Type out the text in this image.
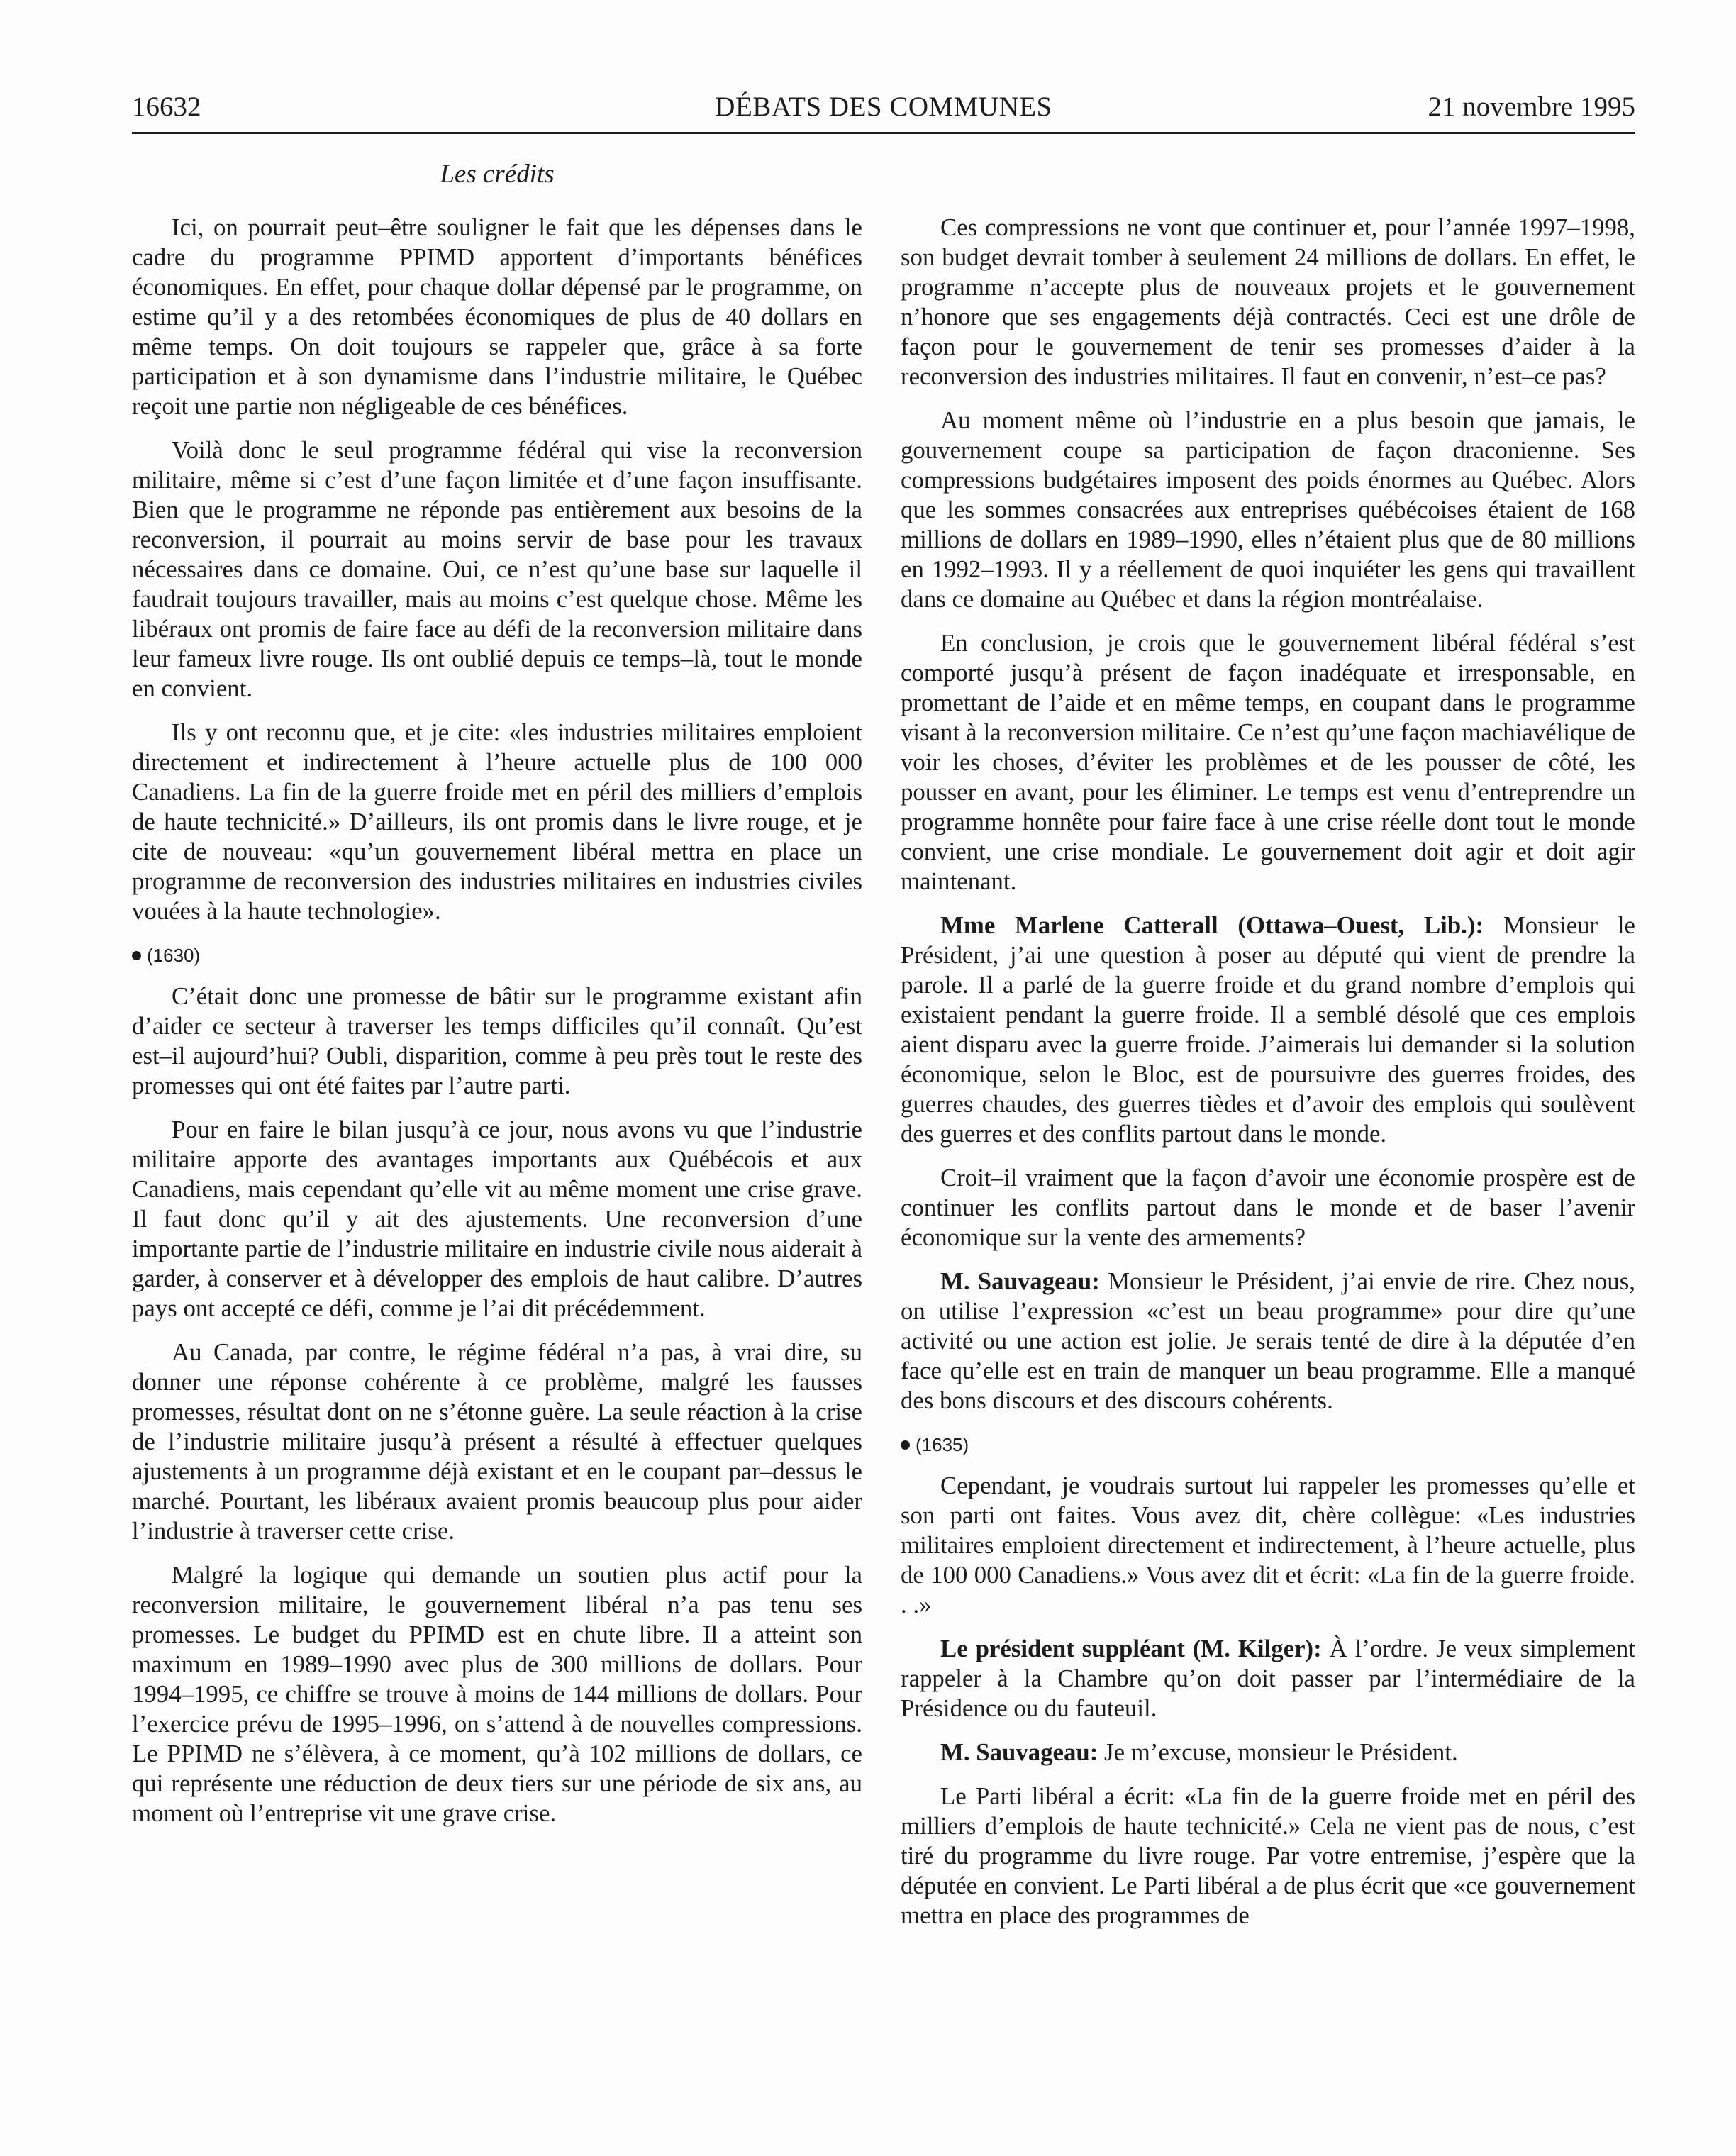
16632	DÉBATS DES COMMUNES	21 novembre 1995
Les crédits

Ici, on pourrait peut–être souligner le fait que les dépenses dans le cadre du programme PPIMD apportent d’importants bénéfices économiques. En effet, pour chaque dollar dépensé par le programme, on estime qu’il y a des retombées économiques de plus de 40 dollars en même temps. On doit toujours se rappeler que, grâce à sa forte participation et à son dynamisme dans l’industrie militaire, le Québec reçoit une partie non négligeable de ces bénéfices.

Voilà donc le seul programme fédéral qui vise la reconversion militaire, même si c’est d’une façon limitée et d’une façon insuffisante. Bien que le programme ne réponde pas entièrement aux besoins de la reconversion, il pourrait au moins servir de base pour les travaux nécessaires dans ce domaine. Oui, ce n’est qu’une base sur laquelle il faudrait toujours travailler, mais au moins c’est quelque chose. Même les libéraux ont promis de faire face au défi de la reconversion militaire dans leur fameux livre rouge. Ils ont oublié depuis ce temps–là, tout le monde en convient.

Ils y ont reconnu que, et je cite: «les industries militaires emploient directement et indirectement à l’heure actuelle plus de 100 000 Canadiens. La fin de la guerre froide met en péril des milliers d’emplois de haute technicité.» D’ailleurs, ils ont promis dans le livre rouge, et je cite de nouveau: «qu’un gouvernement libéral mettra en place un programme de reconversion des industries militaires en industries civiles vouées à la haute technologie».

(1630)

C’était donc une promesse de bâtir sur le programme existant afin d’aider ce secteur à traverser les temps difficiles qu’il connaît. Qu’est est–il aujourd’hui? Oubli, disparition, comme à peu près tout le reste des promesses qui ont été faites par l’autre parti.

Pour en faire le bilan jusqu’à ce jour, nous avons vu que l’industrie militaire apporte des avantages importants aux Québécois et aux Canadiens, mais cependant qu’elle vit au même moment une crise grave. Il faut donc qu’il y ait des ajustements. Une reconversion d’une importante partie de l’industrie militaire en industrie civile nous aiderait à garder, à conserver et à développer des emplois de haut calibre. D’autres pays ont accepté ce défi, comme je l’ai dit précédemment.

Au Canada, par contre, le régime fédéral n’a pas, à vrai dire, su donner une réponse cohérente à ce problème, malgré les fausses promesses, résultat dont on ne s’étonne guère. La seule réaction à la crise de l’industrie militaire jusqu’à présent a résulté à effectuer quelques ajustements à un programme déjà existant et en le coupant par–dessus le marché. Pourtant, les libéraux avaient promis beaucoup plus pour aider l’industrie à traverser cette crise.

Malgré la logique qui demande un soutien plus actif pour la reconversion militaire, le gouvernement libéral n’a pas tenu ses promesses. Le budget du PPIMD est en chute libre. Il a atteint son maximum en 1989–1990 avec plus de 300 millions de dollars. Pour 1994–1995, ce chiffre se trouve à moins de 144 millions de dollars. Pour l’exercice prévu de 1995–1996, on s’attend à de nouvelles compressions. Le PPIMD ne s’élèvera, à ce moment, qu’à 102 millions de dollars, ce qui représente une réduction de deux tiers sur une période de six ans, au moment où l’entreprise vit une grave crise.

Ces compressions ne vont que continuer et, pour l’année 1997–1998, son budget devrait tomber à seulement 24 millions de dollars. En effet, le programme n’accepte plus de nouveaux projets et le gouvernement n’honore que ses engagements déjà contractés. Ceci est une drôle de façon pour le gouvernement de tenir ses promesses d’aider à la reconversion des industries militaires. Il faut en convenir, n’est–ce pas?

Au moment même où l’industrie en a plus besoin que jamais, le gouvernement coupe sa participation de façon draconienne. Ses compressions budgétaires imposent des poids énormes au Québec. Alors que les sommes consacrées aux entreprises québécoises étaient de 168 millions de dollars en 1989–1990, elles n’étaient plus que de 80 millions en 1992–1993. Il y a réellement de quoi inquiéter les gens qui travaillent dans ce domaine au Québec et dans la région montréalaise.

En conclusion, je crois que le gouvernement libéral fédéral s’est comporté jusqu’à présent de façon inadéquate et irresponsable, en promettant de l’aide et en même temps, en coupant dans le programme visant à la reconversion militaire. Ce n’est qu’une façon machiavélique de voir les choses, d’éviter les problèmes et de les pousser de côté, les pousser en avant, pour les éliminer. Le temps est venu d’entreprendre un programme honnête pour faire face à une crise réelle dont tout le monde convient, une crise mondiale. Le gouvernement doit agir et doit agir maintenant.

Mme Marlene Catterall (Ottawa–Ouest, Lib.): Monsieur le Président, j’ai une question à poser au député qui vient de prendre la parole. Il a parlé de la guerre froide et du grand nombre d’emplois qui existaient pendant la guerre froide. Il a semblé désolé que ces emplois aient disparu avec la guerre froide. J’aimerais lui demander si la solution économique, selon le Bloc, est de poursuivre des guerres froides, des guerres chaudes, des guerres tièdes et d’avoir des emplois qui soulèvent des guerres et des conflits partout dans le monde.

Croit–il vraiment que la façon d’avoir une économie prospère est de continuer les conflits partout dans le monde et de baser l’avenir économique sur la vente des armements?

M. Sauvageau: Monsieur le Président, j’ai envie de rire. Chez nous, on utilise l’expression «c’est un beau programme» pour dire qu’une activité ou une action est jolie. Je serais tenté de dire à la députée d’en face qu’elle est en train de manquer un beau programme. Elle a manqué des bons discours et des discours cohérents.

(1635)

Cependant, je voudrais surtout lui rappeler les promesses qu’elle et son parti ont faites. Vous avez dit, chère collègue: «Les industries militaires emploient directement et indirectement, à l’heure actuelle, plus de 100 000 Canadiens.» Vous avez dit et écrit: «La fin de la guerre froide. . .»

Le président suppléant (M. Kilger): À l’ordre. Je veux simplement rappeler à la Chambre qu’on doit passer par l’intermédiaire de la Présidence ou du fauteuil.

M. Sauvageau: Je m’excuse, monsieur le Président.

Le Parti libéral a écrit: «La fin de la guerre froide met en péril des milliers d’emplois de haute technicité.» Cela ne vient pas de nous, c’est tiré du programme du livre rouge. Par votre entremise, j’espère que la députée en convient. Le Parti libéral a de plus écrit que «ce gouvernement mettra en place des programmes de
